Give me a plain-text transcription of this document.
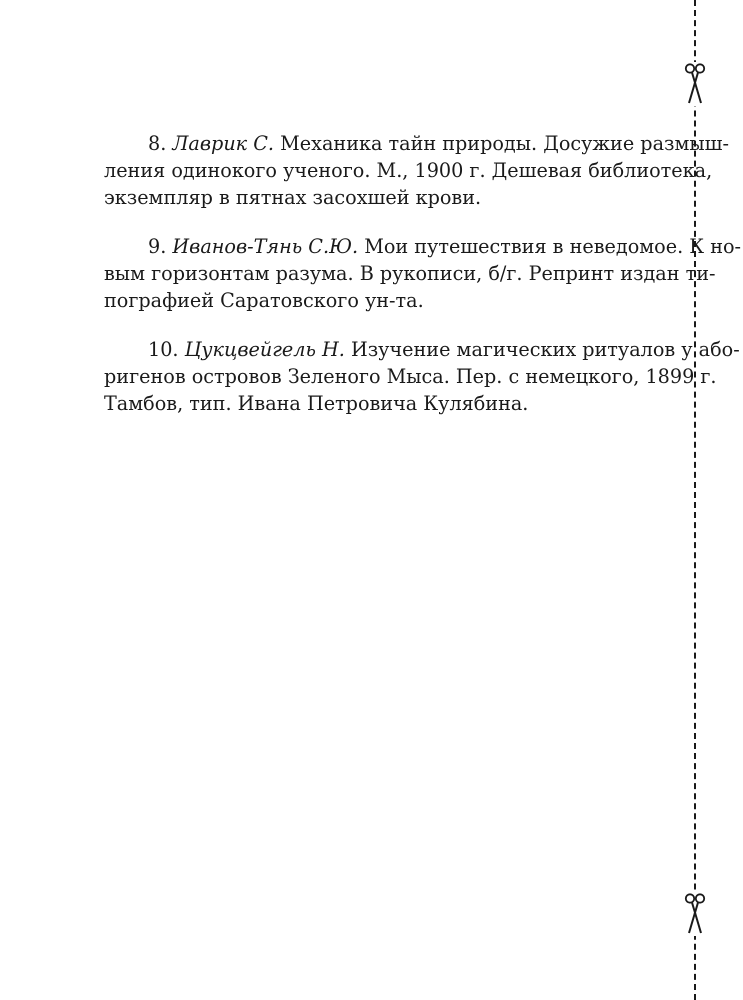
8. Лаврик С. Механика тайн природы. Досужие размыш-
ления одинокого ученого. М., 1900 г. Дешевая библиотека,
экземпляр в пятнах засохшей крови.
9. Иванов-Тянь С.Ю. Мои путешествия в неведомое. К но-
вым горизонтам разума. В рукописи, б/г. Репринт издан ти-
пографией Саратовского ун-та.
10. Цукцвейгель Н. Изучение магических ритуалов у або-
ригенов островов Зеленого Мыса. Пер. с немецкого, 1899 г.
Тамбов, тип. Ивана Петровича Кулябина.
